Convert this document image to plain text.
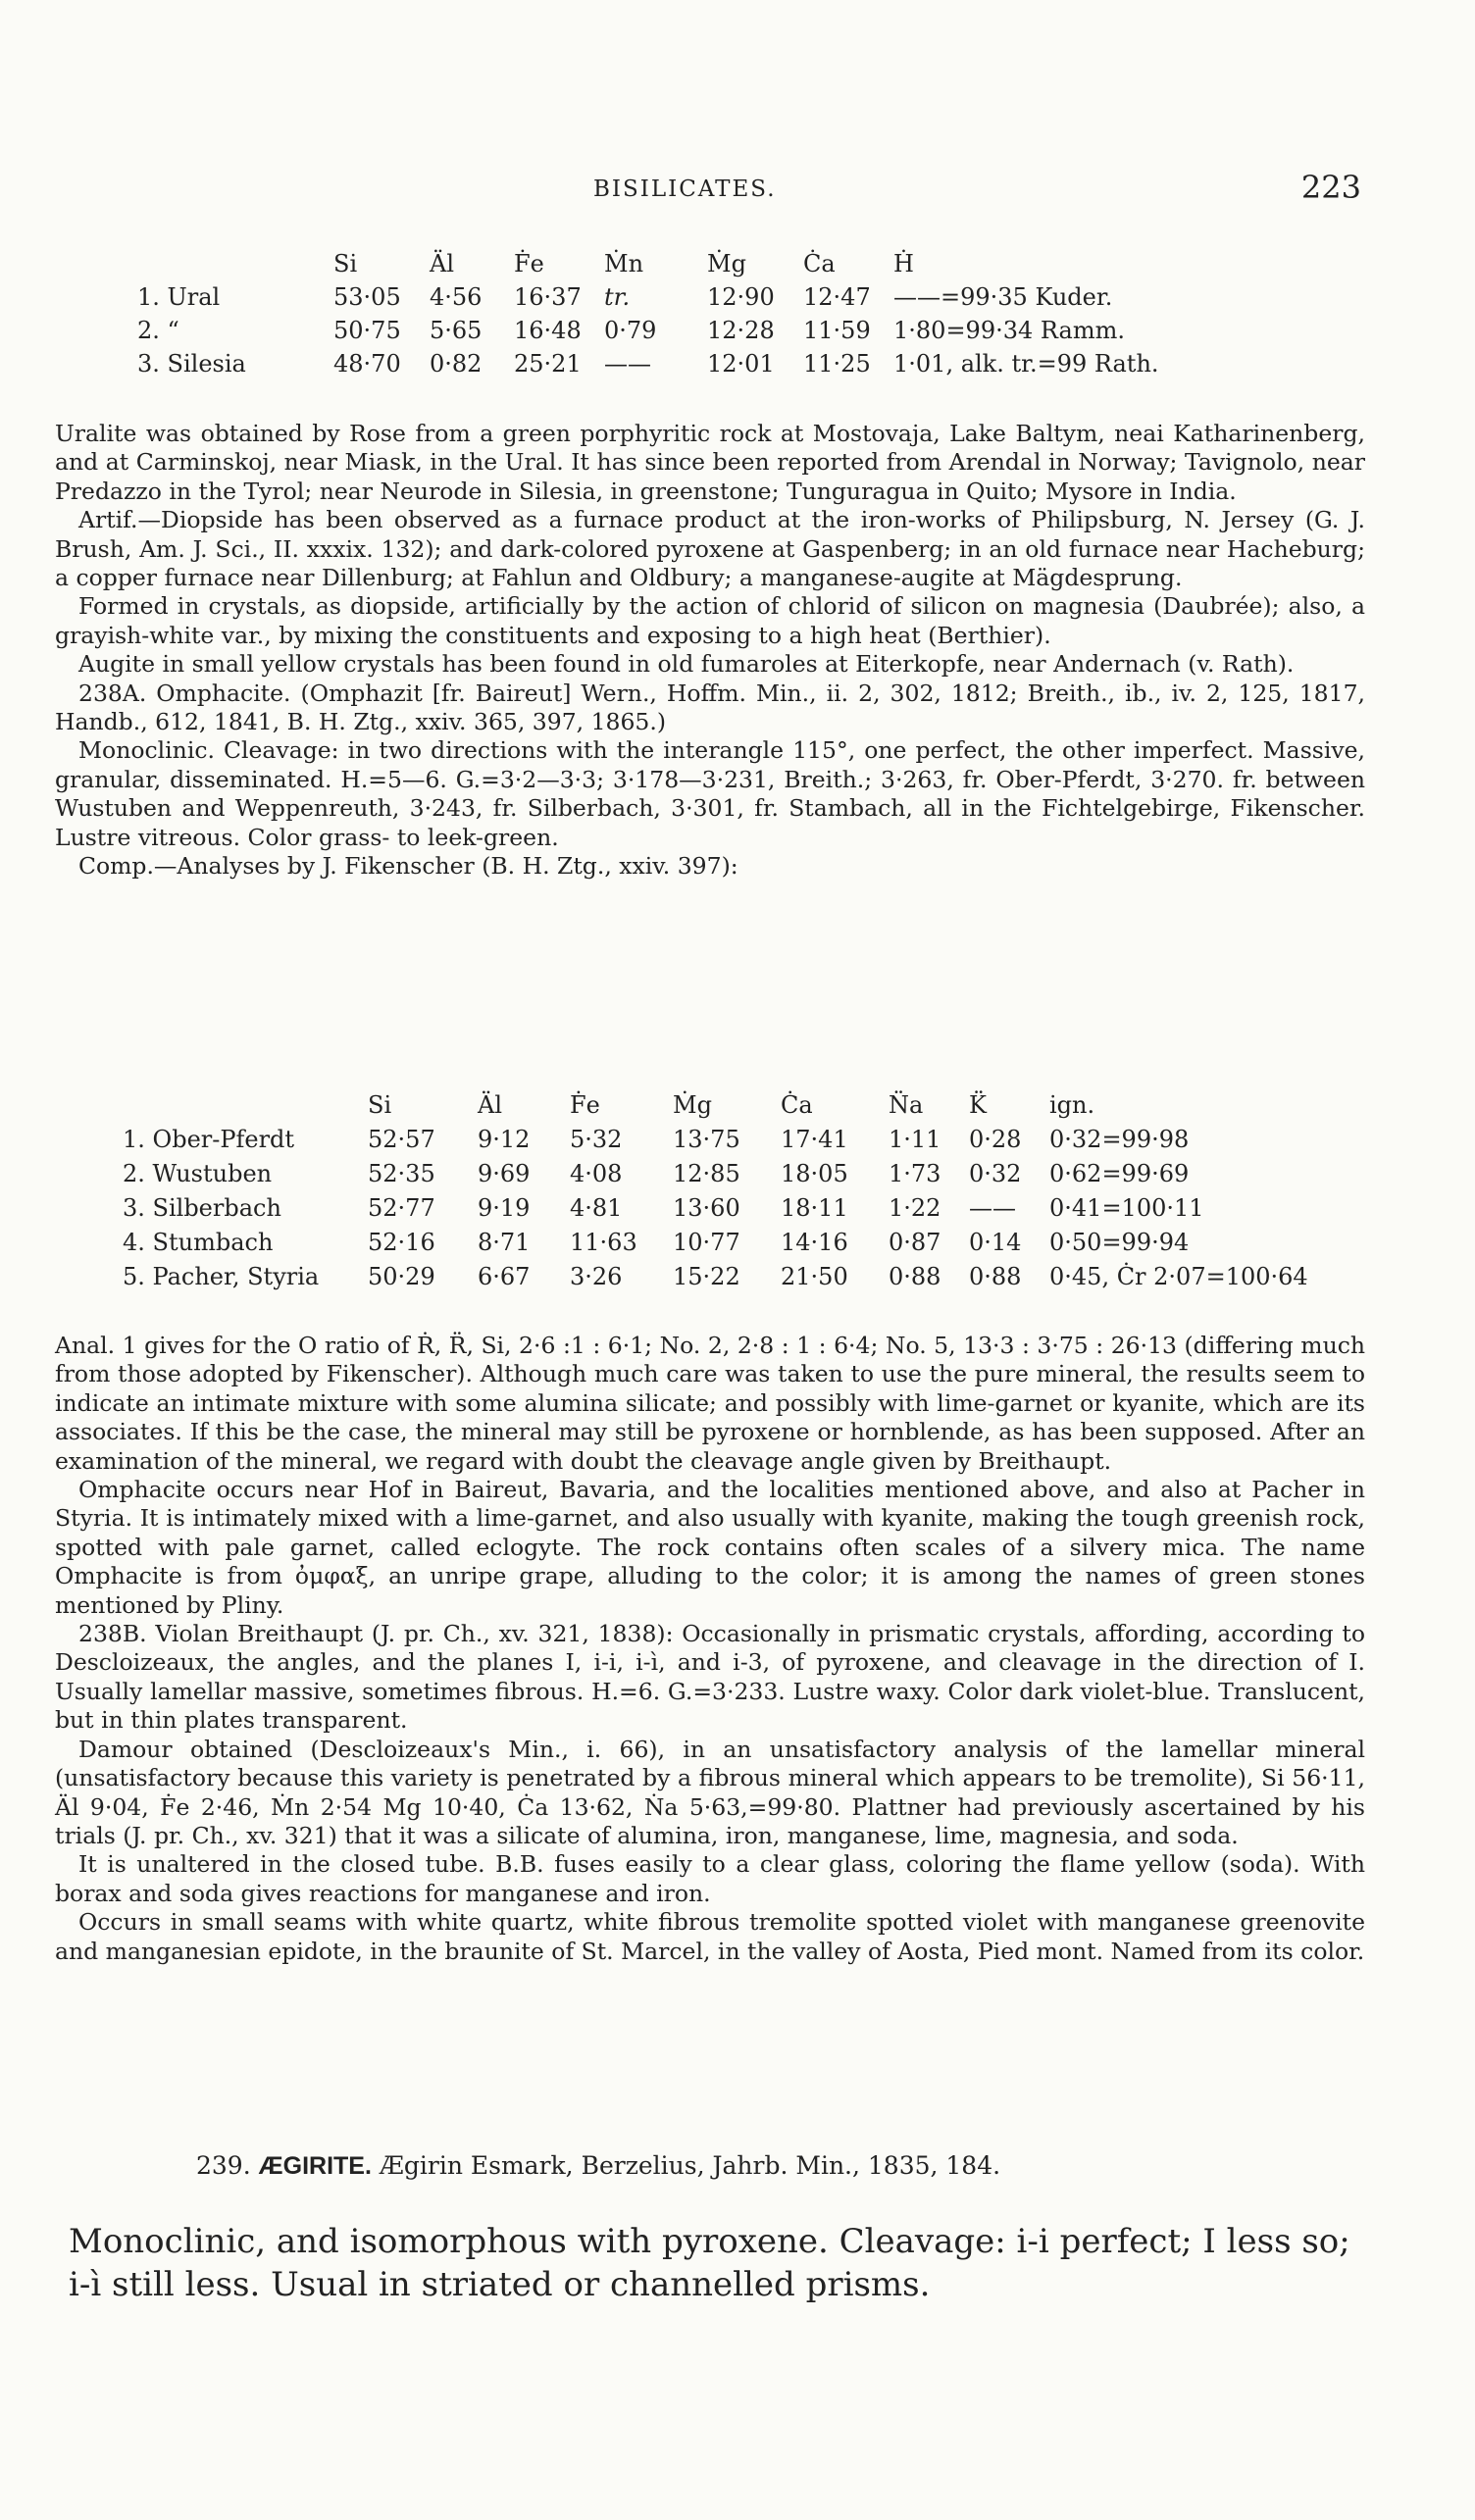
BISILICATES.	223
	Si	Äl	Ḟe	Ṁn	Ṁg	Ċa	Ḣ
1. Ural	53·05	4·56	16·37	tr.	12·90	12·47	——=99·35 Kuder.
2. “	50·75	5·65	16·48	0·79	12·28	11·59	1·80=99·34 Ramm.
3. Silesia	48·70	0·82	25·21	——	12·01	11·25	1·01, alk. tr.=99 Rath.

Uralite was obtained by Rose from a green porphyritic rock at Mostovaja, Lake Baltym, neai Katharinenberg, and at Carminskoj, near Miask, in the Ural. It has since been reported from Arendal in Norway; Tavignolo, near Predazzo in the Tyrol; near Neurode in Silesia, in greenstone; Tunguragua in Quito; Mysore in India.

Artif.—Diopside has been observed as a furnace product at the iron-works of Philipsburg, N. Jersey (G. J. Brush, Am. J. Sci., II. xxxix. 132); and dark-colored pyroxene at Gaspenberg; in an old furnace near Hacheburg; a copper furnace near Dillenburg; at Fahlun and Oldbury; a manganese-augite at Mägdesprung.

Formed in crystals, as diopside, artificially by the action of chlorid of silicon on magnesia (Daubrée); also, a grayish-white var., by mixing the constituents and exposing to a high heat (Berthier).

Augite in small yellow crystals has been found in old fumaroles at Eiterkopfe, near Andernach (v. Rath).

238A. Omphacite. (Omphazit [fr. Baireut] Wern., Hoffm. Min., ii. 2, 302, 1812; Breith., ib., iv. 2, 125, 1817, Handb., 612, 1841, B. H. Ztg., xxiv. 365, 397, 1865.)

Monoclinic. Cleavage: in two directions with the interangle 115°, one perfect, the other imperfect. Massive, granular, disseminated. H.=5—6. G.=3·2—3·3; 3·178—3·231, Breith.; 3·263, fr. Ober-Pferdt, 3·270. fr. between Wustuben and Weppenreuth, 3·243, fr. Silberbach, 3·301, fr. Stambach, all in the Fichtelgebirge, Fikenscher. Lustre vitreous. Color grass- to leek-green.

Comp.—Analyses by J. Fikenscher (B. H. Ztg., xxiv. 397):

	Si	Äl	Ḟe	Ṁg	Ċa	N̈a	K̈	ign.
1. Ober-Pferdt	52·57	9·12	5·32	13·75	17·41	1·11	0·28	0·32=99·98
2. Wustuben	52·35	9·69	4·08	12·85	18·05	1·73	0·32	0·62=99·69
3. Silberbach	52·77	9·19	4·81	13·60	18·11	1·22	——	0·41=100·11
4. Stumbach	52·16	8·71	11·63	10·77	14·16	0·87	0·14	0·50=99·94
5. Pacher, Styria	50·29	6·67	3·26	15·22	21·50	0·88	0·88	0·45, Ċr 2·07=100·64

Anal. 1 gives for the O ratio of Ṙ, R̈, Si, 2·6 :1 : 6·1; No. 2, 2·8 : 1 : 6·4; No. 5, 13·3 : 3·75 : 26·13 (differing much from those adopted by Fikenscher). Although much care was taken to use the pure mineral, the results seem to indicate an intimate mixture with some alumina silicate; and possibly with lime-garnet or kyanite, which are its associates. If this be the case, the mineral may still be pyroxene or hornblende, as has been supposed. After an examination of the mineral, we regard with doubt the cleavage angle given by Breithaupt.

Omphacite occurs near Hof in Baireut, Bavaria, and the localities mentioned above, and also at Pacher in Styria. It is intimately mixed with a lime-garnet, and also usually with kyanite, making the tough greenish rock, spotted with pale garnet, called eclogyte. The rock contains often scales of a silvery mica. The name Omphacite is from ὀμφαξ, an unripe grape, alluding to the color; it is among the names of green stones mentioned by Pliny.

238B. Violan Breithaupt (J. pr. Ch., xv. 321, 1838): Occasionally in prismatic crystals, affording, according to Descloizeaux, the angles, and the planes I, i-i, i-ì, and i-3, of pyroxene, and cleavage in the direction of I. Usually lamellar massive, sometimes fibrous. H.=6. G.=3·233. Lustre waxy. Color dark violet-blue. Translucent, but in thin plates transparent.

Damour obtained (Descloizeaux's Min., i. 66), in an unsatisfactory analysis of the lamellar mineral (unsatisfactory because this variety is penetrated by a fibrous mineral which appears to be tremolite), Si 56·11, Äl 9·04, Ḟe 2·46, Ṁn 2·54 Mg 10·40, Ċa 13·62, Ṅa 5·63,=99·80. Plattner had previously ascertained by his trials (J. pr. Ch., xv. 321) that it was a silicate of alumina, iron, manganese, lime, magnesia, and soda.

It is unaltered in the closed tube. B.B. fuses easily to a clear glass, coloring the flame yellow (soda). With borax and soda gives reactions for manganese and iron.

Occurs in small seams with white quartz, white fibrous tremolite spotted violet with manganese greenovite and manganesian epidote, in the braunite of St. Marcel, in the valley of Aosta, Pied mont. Named from its color.

239. ÆGIRITE. Ægirin Esmark, Berzelius, Jahrb. Min., 1835, 184.
Monoclinic, and isomorphous with pyroxene. Cleavage: i-i perfect; I less so; i-ì still less. Usual in striated or channelled prisms.
